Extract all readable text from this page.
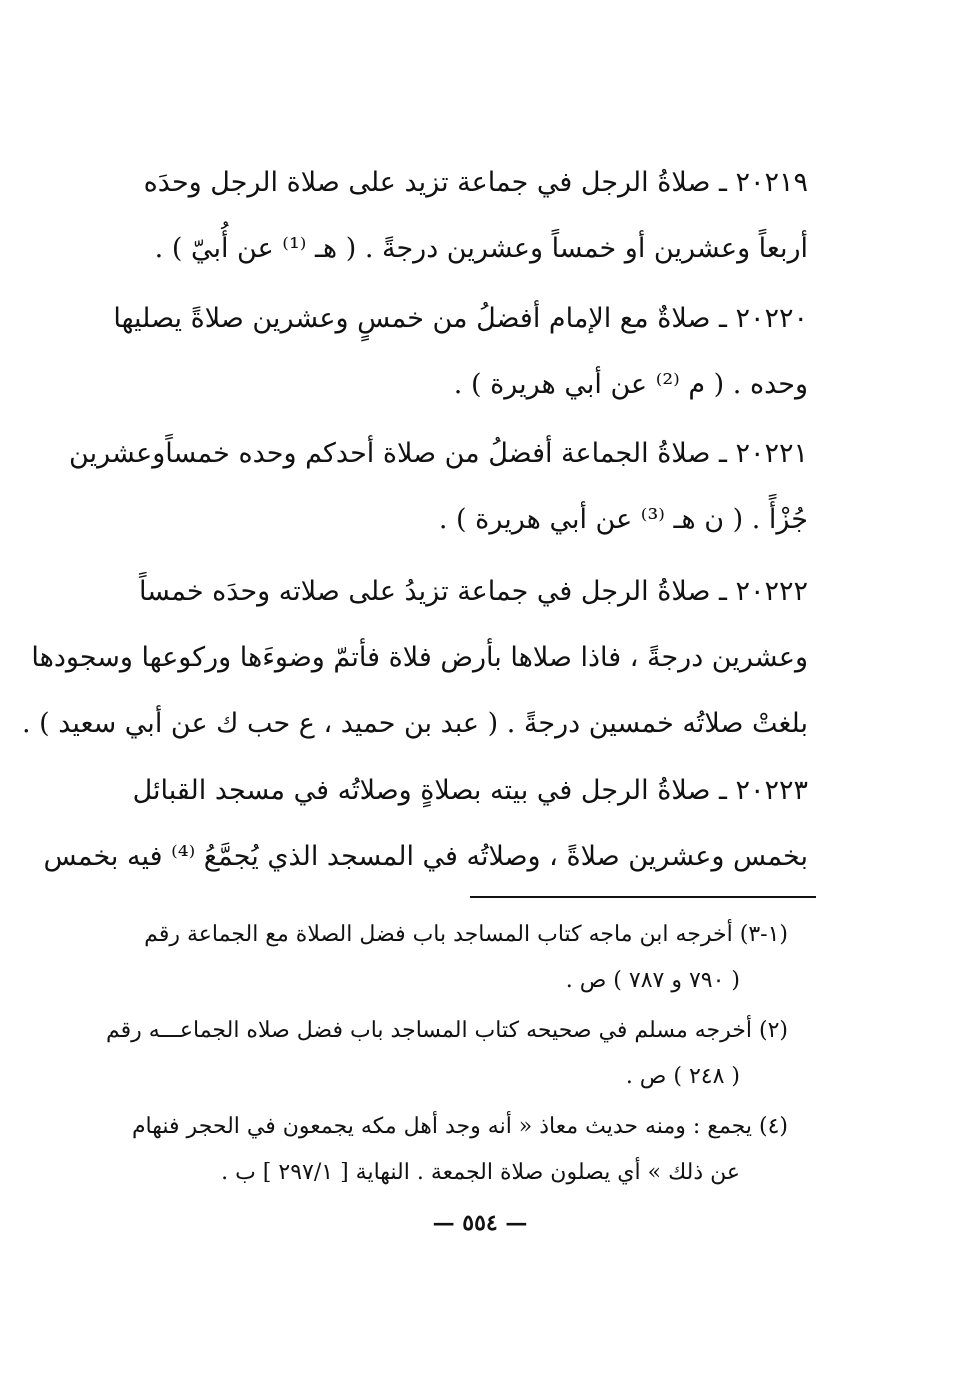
٢٠٢١٩ ـ صلاةُ الرجل في جماعة تزيد على صلاة الرجل وحدَه
أربعاً وعشرين أو خمساً وعشرين درجةً . ( هـ ⁽¹⁾ عن أُبيّ ) .
٢٠٢٢٠ ـ صلاةٌ مع الإمام أفضلُ من خمسٍ وعشرين صلاةً يصليها
وحده . ( م ⁽²⁾ عن أبي هريرة ) .
٢٠٢٢١ ـ صلاةُ الجماعة أفضلُ من صلاة أحدكم وحده خمساًوعشرين
جُزْأً . ( ن هـ ⁽³⁾ عن أبي هريرة ) .
٢٠٢٢٢ ـ صلاةُ الرجل في جماعة تزيدُ على صلاته وحدَه خمساً
وعشرين درجةً ، فاذا صلاها بأرض فلاة فأتمّ وضوءَها وركوعها وسجودها
بلغتْ صلاتُه خمسين درجةً . ( عبد بن حميد ، ع حب ك عن أبي سعيد ) .
٢٠٢٢٣ ـ صلاةُ الرجل في بيته بصلاةٍ وصلاتُه في مسجد القبائل
بخمس وعشرين صلاةً ، وصلاتُه في المسجد الذي يُجمَّعُ ⁽⁴⁾ فيه بخمس
(١-٣) أخرجه ابن ماجه كتاب المساجد باب فضل الصلاة مع الجماعة رقم
( ٧٩٠ و ٧٨٧ ) ص .
(٢) أخرجه مسلم في صحيحه كتاب المساجد باب فضل صلاه الجماعـــه رقم
( ٢٤٨ ) ص .
(٤) يجمع : ومنه حديث معاذ « أنه وجد أهل مكه يجمعون في الحجر فنهام
عن ذلك » أي يصلون صلاة الجمعة . النهاية [ ٢٩٧/١ ] ب .
— ٥٥٤ —
